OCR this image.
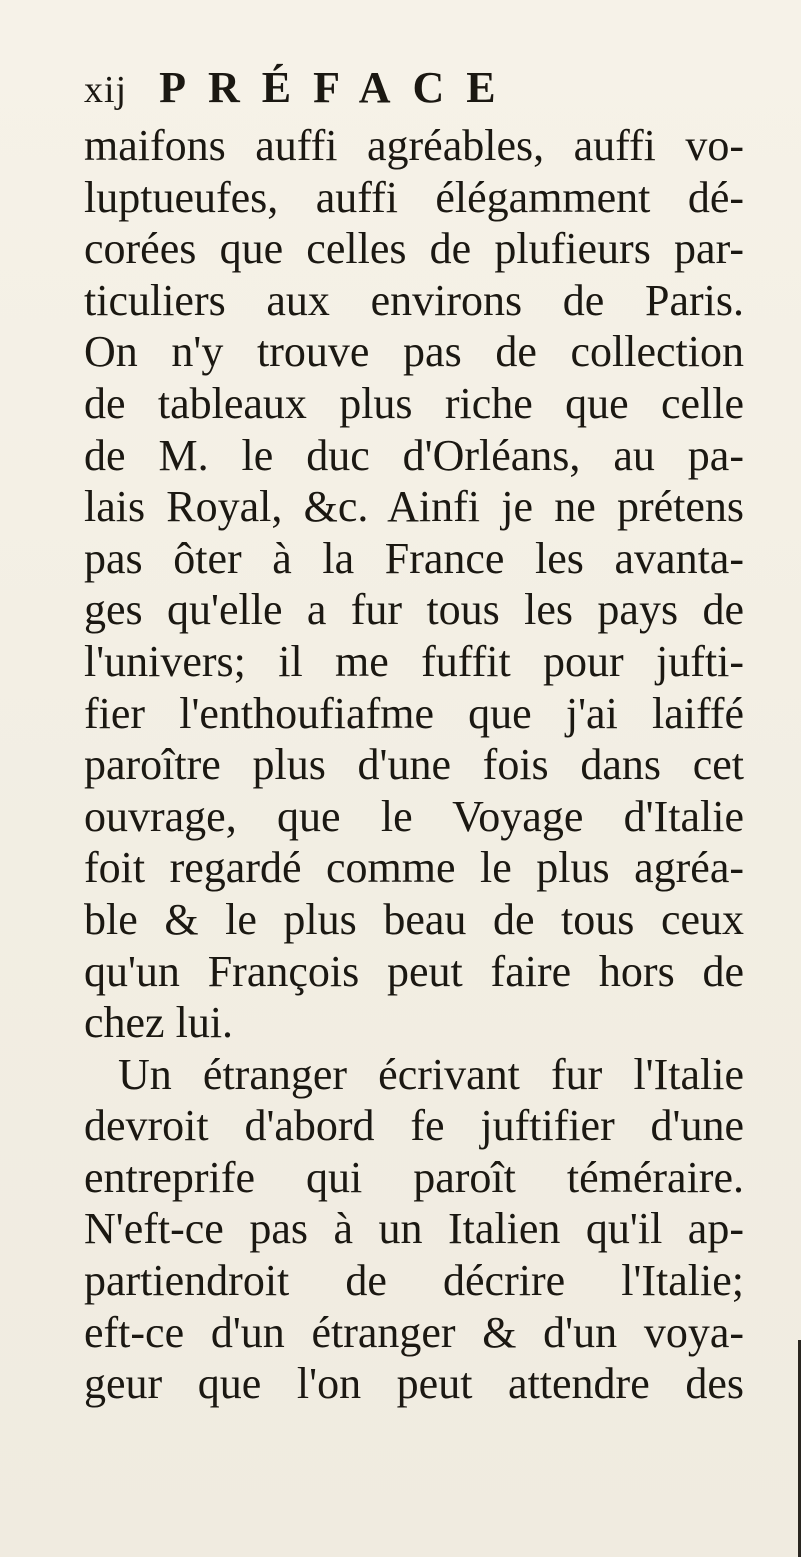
xij PRÉFACE
maifons auffi agréables, auffi vo-
luptueufes, auffi élégamment dé-
corées que celles de plufieurs par-
ticuliers aux environs de Paris.
On n'y trouve pas de collection
de tableaux plus riche que celle
de M. le duc d'Orléans, au pa-
lais Royal, &c. Ainfi je ne prétens
pas ôter à la France les avanta-
ges qu'elle a fur tous les pays de
l'univers; il me fuffit pour jufti-
fier l'enthoufiafme que j'ai laiffé
paroître plus d'une fois dans cet
ouvrage, que le Voyage d'Italie
foit regardé comme le plus agréa-
ble & le plus beau de tous ceux
qu'un François peut faire hors de
chez lui.
Un étranger écrivant fur l'Italie
devroit d'abord fe juftifier d'une
entreprife qui paroît téméraire.
N'eft-ce pas à un Italien qu'il ap-
partiendroit de décrire l'Italie;
eft-ce d'un étranger & d'un voya-
geur que l'on peut attendre des
